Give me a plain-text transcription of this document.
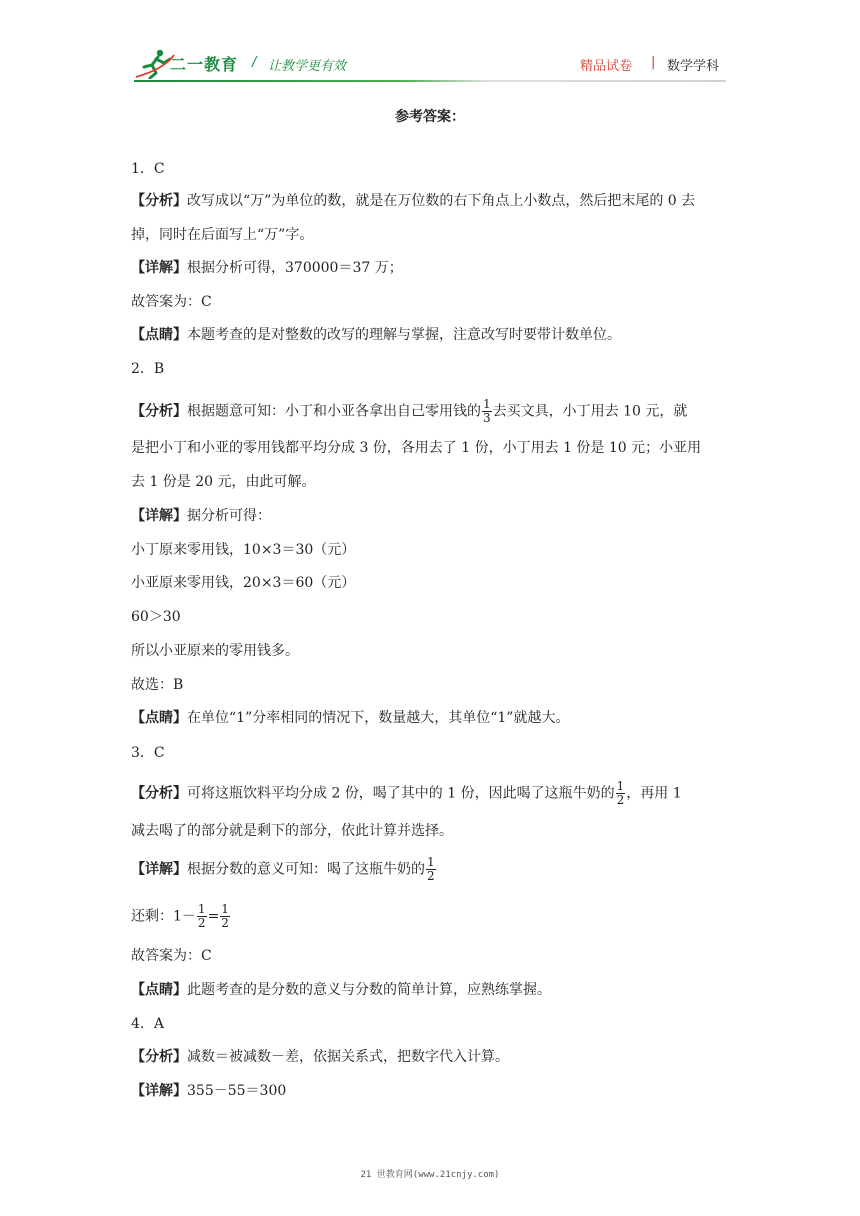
二一教育 / 让教学更有效	精品试卷 | 数学学科
参考答案：
1．C
【分析】改写成以“万”为单位的数，就是在万位数的右下角点上小数点，然后把末尾的 0 去
掉，同时在后面写上“万”字。
【详解】根据分析可得，370000＝37 万；
故答案为：C
【点睛】本题考查的是对整数的改写的理解与掌握，注意改写时要带计数单位。
2．B
【分析】根据题意可知：小丁和小亚各拿出自己零用钱的 $\frac{1}{3}$ 去买文具，小丁用去 10 元，就
是把小丁和小亚的零用钱都平均分成 3 份，各用去了 1 份，小丁用去 1 份是 10 元；小亚用
去 1 份是 20 元，由此可解。
【详解】据分析可得：
小丁原来零用钱，10×3＝30（元）
小亚原来零用钱，20×3＝60（元）
60＞30
所以小亚原来的零用钱多。
故选：B
【点睛】在单位“1”分率相同的情况下，数量越大，其单位“1”就越大。
3．C
【分析】可将这瓶饮料平均分成 2 份，喝了其中的 1 份，因此喝了这瓶牛奶的 $\frac{1}{2}$ ，再用 1
减去喝了的部分就是剩下的部分，依此计算并选择。
【详解】根据分数的意义可知：喝了这瓶牛奶的 $\frac{1}{2}$
还剩：$1- \frac{1}{2} = \frac{1}{2}$
故答案为：C
【点睛】此题考查的是分数的意义与分数的简单计算，应熟练掌握。
4．A
【分析】减数＝被减数－差，依据关系式，把数字代入计算。
【详解】355－55＝300
21 世教育网(www.21cnjy.com)
